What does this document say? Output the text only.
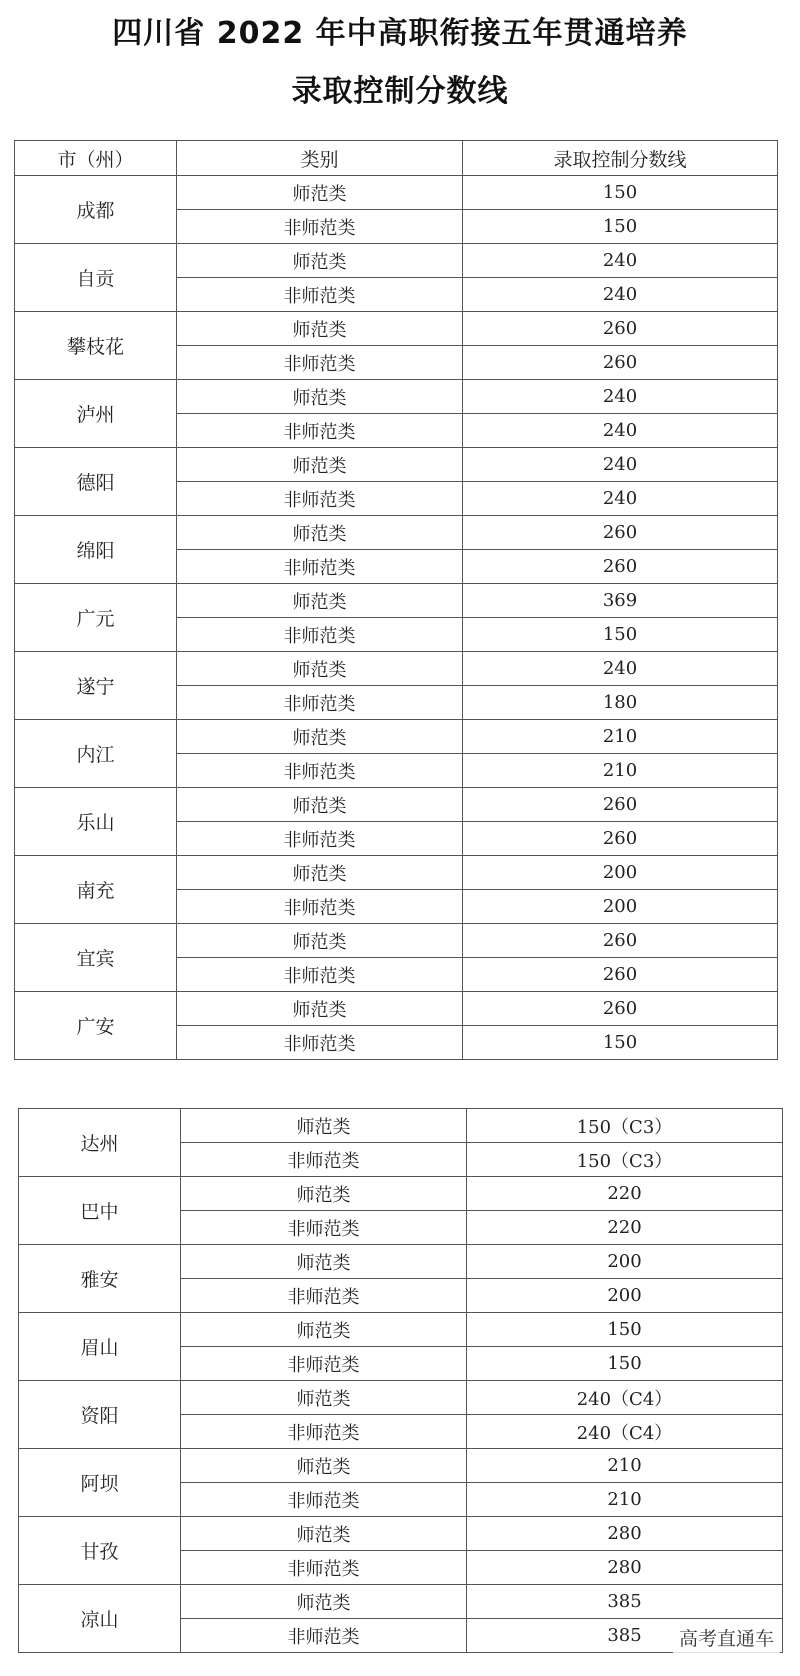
四川省 2022 年中高职衔接五年贯通培养
录取控制分数线
市（州）	类别	录取控制分数线
成都	师范类	150
	非师范类	150
自贡	师范类	240
	非师范类	240
攀枝花	师范类	260
	非师范类	260
泸州	师范类	240
	非师范类	240
德阳	师范类	240
	非师范类	240
绵阳	师范类	260
	非师范类	260
广元	师范类	369
	非师范类	150
遂宁	师范类	240
	非师范类	180
内江	师范类	210
	非师范类	210
乐山	师范类	260
	非师范类	260
南充	师范类	200
	非师范类	200
宜宾	师范类	260
	非师范类	260
广安	师范类	260
	非师范类	150
达州	师范类	150（C3）
	非师范类	150（C3）
巴中	师范类	220
	非师范类	220
雅安	师范类	200
	非师范类	200
眉山	师范类	150
	非师范类	150
资阳	师范类	240（C4）
	非师范类	240（C4）
阿坝	师范类	210
	非师范类	210
甘孜	师范类	280
	非师范类	280
凉山	师范类	385
	非师范类	385	高考直通车
